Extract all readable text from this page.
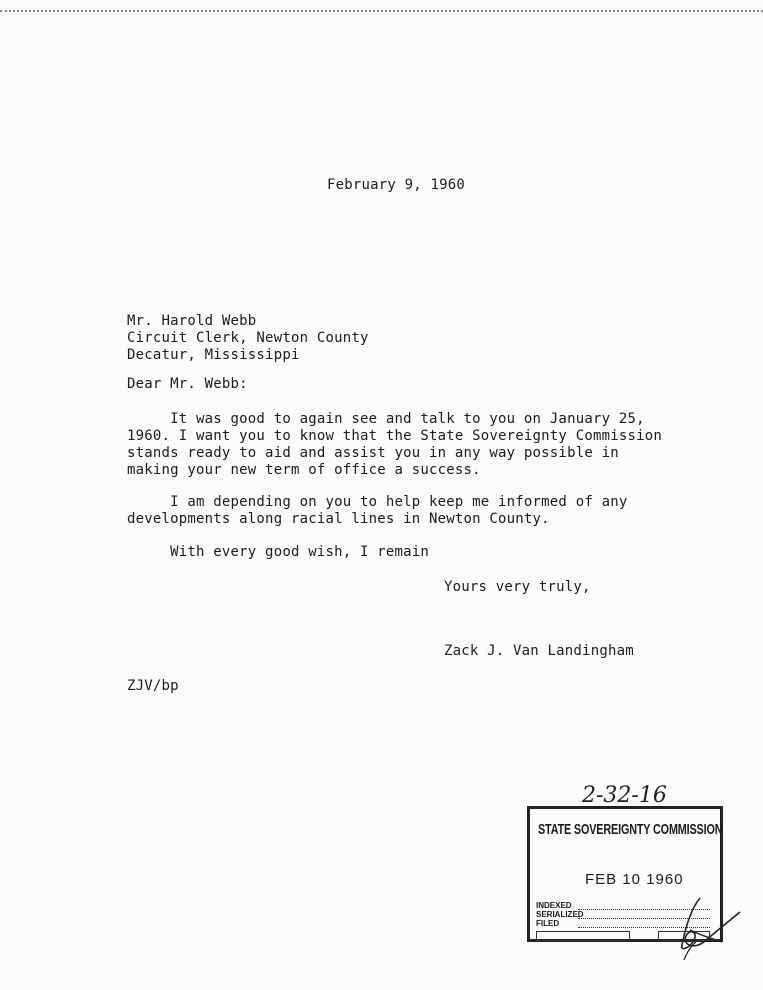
February 9, 1960
Mr. Harold Webb
Circuit Clerk, Newton County
Decatur, Mississippi
Dear Mr. Webb:
It was good to again see and talk to you on January 25,
1960. I want you to know that the State Sovereignty Commission
stands ready to aid and assist you in any way possible in
making your new term of office a success.
I am depending on you to help keep me informed of any
developments along racial lines in Newton County.
With every good wish, I remain
Yours very truly,
Zack J. Van Landingham
ZJV/bp
2-32-16
STATE SOVEREIGNTY COMMISSION
FEB 10 1960
INDEXED
SERIALIZED
FILED
